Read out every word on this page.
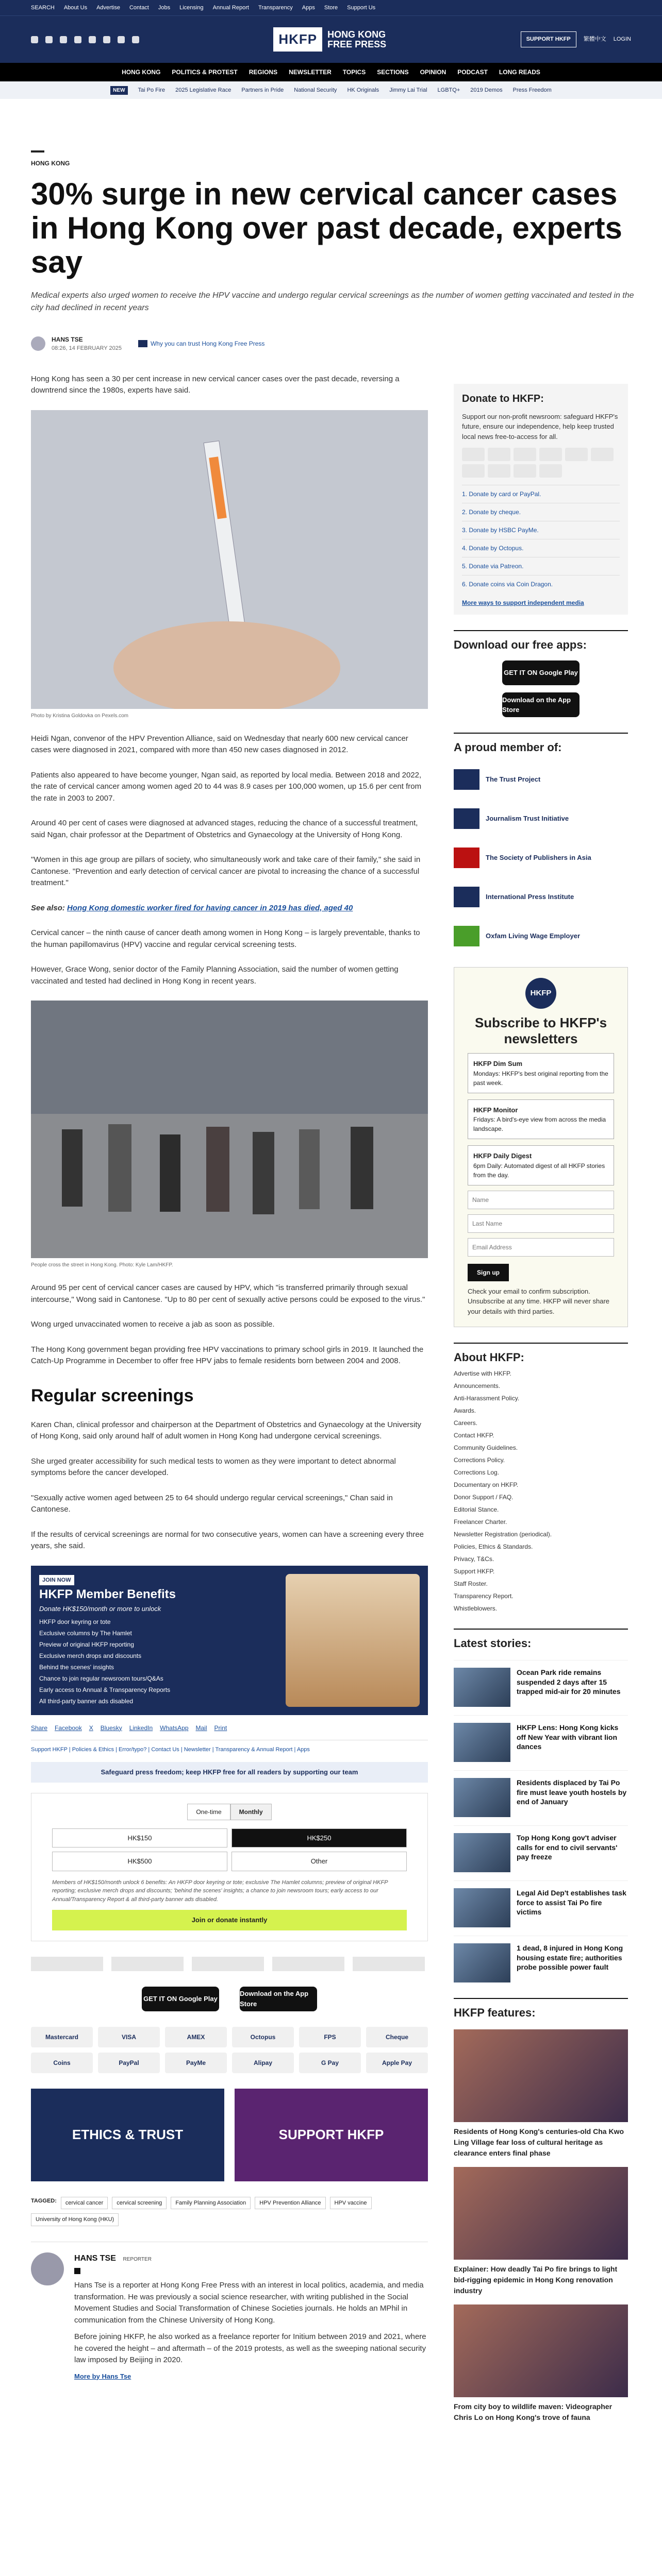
SEARCH About Us Advertise Contact Jobs Licensing Annual Report Transparency Apps Store Support Us
HKFP	HONG KONG
FREE PRESS	SUPPORT HKFP	繁體中文 LOGIN
HONG KONG POLITICS & PROTEST REGIONS NEWSLETTER TOPICS SECTIONS OPINION PODCAST LONG READS
NEW	Tai Po Fire 2025 Legislative Race Partners in Pride National Security HK Originals Jimmy Lai Trial LGBTQ+ 2019 Demos Press Freedom
HONG KONG
30% surge in new cervical cancer cases in Hong Kong over past decade, experts say
Medical experts also urged women to receive the HPV vaccine and undergo regular cervical screenings as the number of women getting vaccinated and tested in the city had declined in recent years
HANS TSE
08:26, 14 FEBRUARY 2025
Why you can trust Hong Kong Free Press

Hong Kong has seen a 30 per cent increase in new cervical cancer cases over the past decade, reversing a downtrend since the 1980s, experts have said.

Photo by Kristina Goldovka on Pexels.com

Heidi Ngan, convenor of the HPV Prevention Alliance, said on Wednesday that nearly 600 new cervical cancer cases were diagnosed in 2021, compared with more than 450 new cases diagnosed in 2012.

Patients also appeared to have become younger, Ngan said, as reported by local media. Between 2018 and 2022, the rate of cervical cancer among women aged 20 to 44 was 8.9 cases per 100,000 women, up 15.6 per cent from the rate in 2003 to 2007.

Around 40 per cent of cases were diagnosed at advanced stages, reducing the chance of a successful treatment, said Ngan, chair professor at the Department of Obstetrics and Gynaecology at the University of Hong Kong.

"Women in this age group are pillars of society, who simultaneously work and take care of their family," she said in Cantonese. "Prevention and early detection of cervical cancer are pivotal to increasing the chance of a successful treatment."

See also: Hong Kong domestic worker fired for having cancer in 2019 has died, aged 40

Cervical cancer – the ninth cause of cancer death among women in Hong Kong – is largely preventable, thanks to the human papillomavirus (HPV) vaccine and regular cervical screening tests.

However, Grace Wong, senior doctor of the Family Planning Association, said the number of women getting vaccinated and tested had declined in Hong Kong in recent years.

People cross the street in Hong Kong. Photo: Kyle Lam/HKFP.

Around 95 per cent of cervical cancer cases are caused by HPV, which "is transferred primarily through sexual intercourse," Wong said in Cantonese. "Up to 80 per cent of sexually active persons could be exposed to the virus."

Wong urged unvaccinated women to receive a jab as soon as possible.

The Hong Kong government began providing free HPV vaccinations to primary school girls in 2019. It launched the Catch-Up Programme in December to offer free HPV jabs to female residents born between 2004 and 2008.

Regular screenings

Karen Chan, clinical professor and chairperson at the Department of Obstetrics and Gynaecology at the University of Hong Kong, said only around half of adult women in Hong Kong had undergone cervical screenings.

She urged greater accessibility for such medical tests to women as they were important to detect abnormal symptoms before the cancer developed.

"Sexually active women aged between 25 to 64 should undergo regular cervical screenings," Chan said in Cantonese.

If the results of cervical screenings are normal for two consecutive years, women can have a screening every three years, she said.

JOIN NOW
HKFP Member Benefits
Donate HK$150/month or more to unlock
HKFP door keyring or tote
Exclusive columns by The Hamlet
Preview of original HKFP reporting
Exclusive merch drops and discounts
Behind the scenes' insights
Chance to join regular newsroom tours/Q&As
Early access to Annual & Transparency Reports
All third-party banner ads disabled
Share Facebook X Bluesky LinkedIn WhatsApp Mail Print
Support HKFP | Policies & Ethics | Error/typo? | Contact Us | Newsletter | Transparency & Annual Report | Apps
Safeguard press freedom; keep HKFP free for all readers by supporting our team
One-time	Monthly
HK$150	HK$250
HK$500	Other
Members of HK$150/month unlock 6 benefits: An HKFP door keyring or tote; exclusive The Hamlet columns; preview of original HKFP reporting; exclusive merch drops and discounts; 'behind the scenes' insights; a chance to join newsroom tours; early access to our Annual/Transparency Report & all third-party banner ads disabled.
Join or donate instantly
GET IT ON Google Play
Download on the App Store
Mastercard	VISA	AMEX	Octopus	FPS	Cheque
Coins	PayPal	PayMe	Alipay	G Pay	Apple Pay
ETHICS & TRUST	SUPPORT HKFP
TAGGED:	cervical cancer	cervical screening	Family Planning Association	HPV Prevention Alliance	HPV vaccine
University of Hong Kong (HKU)
HANS TSE REPORTER

Hans Tse is a reporter at Hong Kong Free Press with an interest in local politics, academia, and media transformation. He was previously a social science researcher, with writing published in the Social Movement Studies and Social Transformation of Chinese Societies journals. He holds an MPhil in communication from the Chinese University of Hong Kong.

Before joining HKFP, he also worked as a freelance reporter for Initium between 2019 and 2021, where he covered the height – and aftermath – of the 2019 protests, as well as the sweeping national security law imposed by Beijing in 2020.

More by Hans Tse
Donate to HKFP:
Support our non-profit newsroom: safeguard HKFP's future, ensure our independence, help keep trusted local news free-to-access for all.
1. Donate by card or PayPal.
2. Donate by cheque.
3. Donate by HSBC PayMe.
4. Donate by Octopus.
5. Donate via Patreon.
6. Donate coins via Coin Dragon.
More ways to support independent media
Download our free apps:
GET IT ON Google Play
Download on the App Store
A proud member of:
The Trust Project
Journalism Trust Initiative
The Society of Publishers in Asia
International Press Institute
Oxfam Living Wage Employer
HKFP
Subscribe to HKFP's newsletters
HKFP Dim Sum
Mondays: HKFP's best original reporting from the past week.
HKFP Monitor
Fridays: A bird's-eye view from across the media landscape.
HKFP Daily Digest
6pm Daily: Automated digest of all HKFP stories from the day.
Name
Last Name
Email Address
Sign up
Check your email to confirm subscription. Unsubscribe at any time. HKFP will never share your details with third parties.
About HKFP:
Advertise with HKFP.
Announcements.
Anti-Harassment Policy.
Awards.
Careers.
Contact HKFP.
Community Guidelines.
Corrections Policy.
Corrections Log.
Documentary on HKFP.
Donor Support / FAQ.
Editorial Stance.
Freelancer Charter.
Newsletter Registration (periodical).
Policies, Ethics & Standards.
Privacy, T&Cs.
Support HKFP.
Staff Roster.
Transparency Report.
Whistleblowers.
Latest stories:
Ocean Park ride remains suspended 2 days after 15 trapped mid-air for 20 minutes
HKFP Lens: Hong Kong kicks off New Year with vibrant lion dances
Residents displaced by Tai Po fire must leave youth hostels by end of January
Top Hong Kong gov't adviser calls for end to civil servants' pay freeze
Legal Aid Dep't establishes task force to assist Tai Po fire victims
1 dead, 8 injured in Hong Kong housing estate fire; authorities probe possible power fault
HKFP features:
Residents of Hong Kong's centuries-old Cha Kwo Ling Village fear loss of cultural heritage as clearance enters final phase
Explainer: How deadly Tai Po fire brings to light bid-rigging epidemic in Hong Kong renovation industry
From city boy to wildlife maven: Videographer Chris Lo on Hong Kong's trove of fauna
